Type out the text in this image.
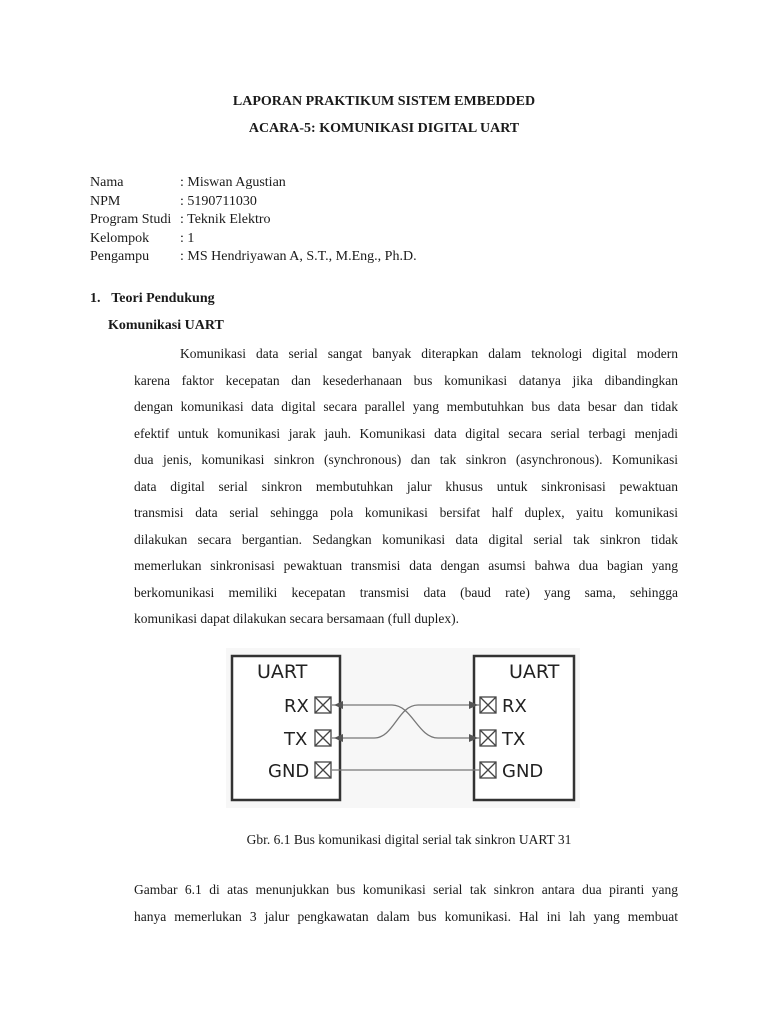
LAPORAN PRAKTIKUM SISTEM EMBEDDED
ACARA-5: KOMUNIKASI DIGITAL UART
Nama	: Miswan Agustian
NPM	: 5190711030
Program Studi : Teknik Elektro
Kelompok : 1
Pengampu : MS Hendriyawan A, S.T., M.Eng., Ph.D.
1. Teori Pendukung
Komunikasi UART
Komunikasi data serial sangat banyak diterapkan dalam teknologi digital modern
karena faktor kecepatan dan kesederhanaan bus komunikasi datanya jika dibandingkan
dengan komunikasi data digital secara parallel yang membutuhkan bus data besar dan tidak
efektif untuk komunikasi jarak jauh. Komunikasi data digital secara serial terbagi menjadi
dua jenis, komunikasi sinkron (synchronous) dan tak sinkron (asynchronous). Komunikasi
data digital serial sinkron membutuhkan jalur khusus untuk sinkronisasi pewaktuan
transmisi data serial sehingga pola komunikasi bersifat half duplex, yaitu komunikasi
dilakukan secara bergantian. Sedangkan komunikasi data digital serial tak sinkron tidak
memerlukan sinkronisasi pewaktuan transmisi data dengan asumsi bahwa dua bagian yang
berkomunikasi memiliki kecepatan transmisi data (baud rate) yang sama, sehingga
komunikasi dapat dilakukan secara bersamaan (full duplex).
UART	UART
RX
TX
GND
RX
TX
GND
Gbr. 6.1 Bus komunikasi digital serial tak sinkron UART 31
Gambar 6.1 di atas menunjukkan bus komunikasi serial tak sinkron antara dua piranti yang
hanya memerlukan 3 jalur pengkawatan dalam bus komunikasi. Hal ini lah yang membuat
